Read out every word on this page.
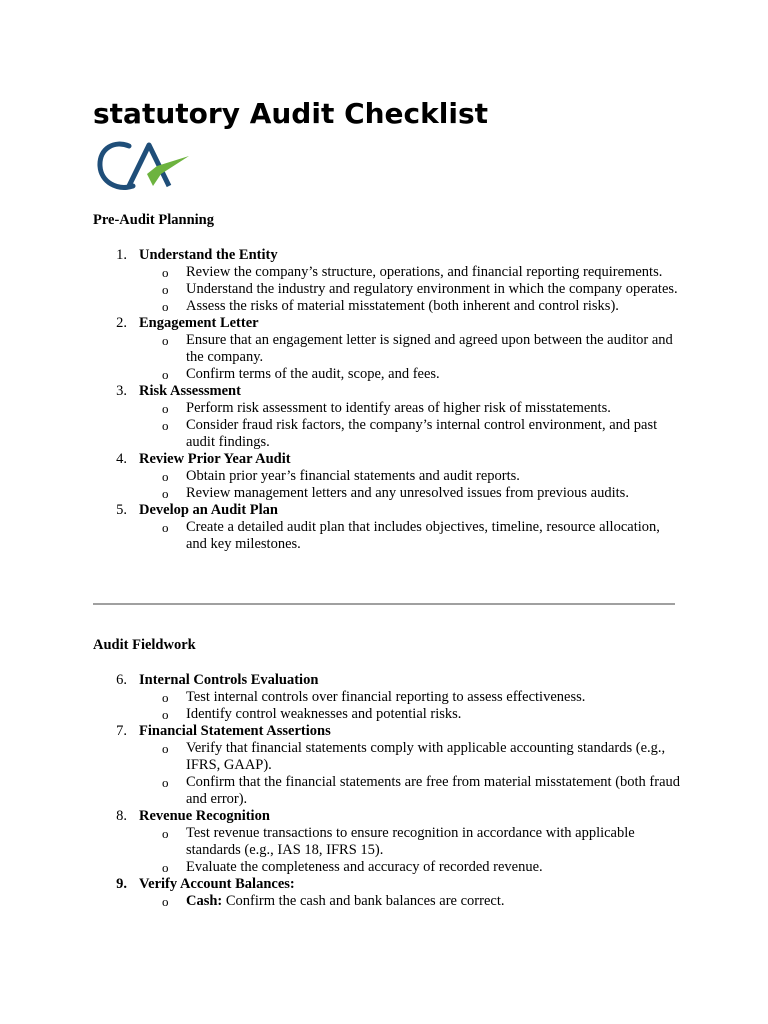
statutory Audit Checklist
Pre-Audit Planning
1. Understand the Entity
o Review the company’s structure, operations, and financial reporting requirements.
o Understand the industry and regulatory environment in which the company operates.
o Assess the risks of material misstatement (both inherent and control risks).
2. Engagement Letter
o Ensure that an engagement letter is signed and agreed upon between the auditor and the company.
o Confirm terms of the audit, scope, and fees.
3. Risk Assessment
o Perform risk assessment to identify areas of higher risk of misstatements.
o Consider fraud risk factors, the company’s internal control environment, and past audit findings.
4. Review Prior Year Audit
o Obtain prior year’s financial statements and audit reports.
o Review management letters and any unresolved issues from previous audits.
5. Develop an Audit Plan
o Create a detailed audit plan that includes objectives, timeline, resource allocation, and key milestones.
Audit Fieldwork
6. Internal Controls Evaluation
o Test internal controls over financial reporting to assess effectiveness.
o Identify control weaknesses and potential risks.
7. Financial Statement Assertions
o Verify that financial statements comply with applicable accounting standards (e.g., IFRS, GAAP).
o Confirm that the financial statements are free from material misstatement (both fraud and error).
8. Revenue Recognition
o Test revenue transactions to ensure recognition in accordance with applicable standards (e.g., IAS 18, IFRS 15).
o Evaluate the completeness and accuracy of recorded revenue.
9. Verify Account Balances:
o Cash: Confirm the cash and bank balances are correct.
